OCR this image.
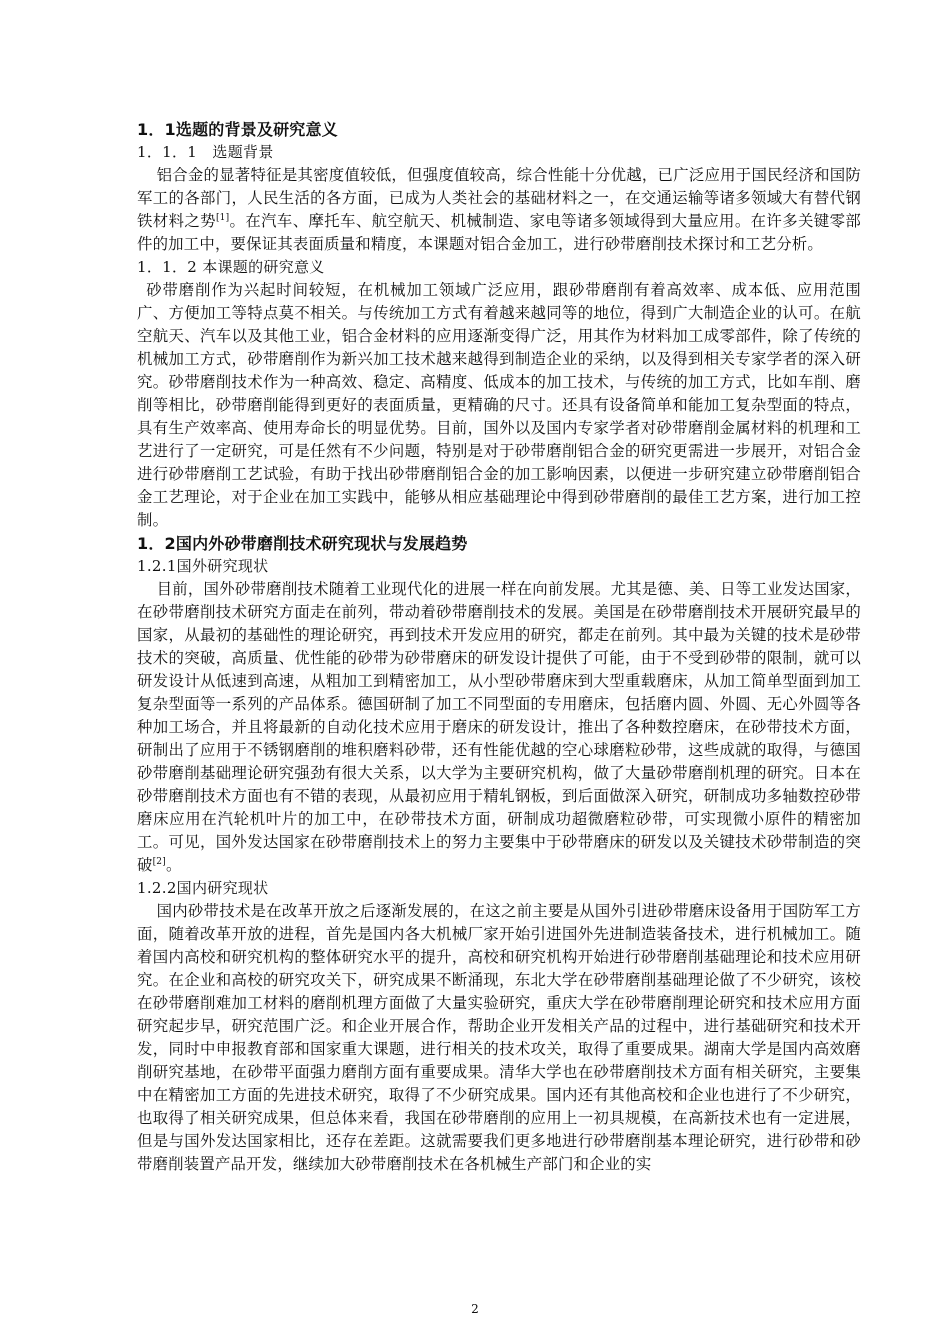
1．1选题的背景及研究意义

1．1．1　选题背景

铝合金的显著特征是其密度值较低，但强度值较高，综合性能十分优越，已广泛应用于国民经济和国防军工的各部门，人民生活的各方面，已成为人类社会的基础材料之一，在交通运输等诸多领域大有替代钢铁材料之势[1]。在汽车、摩托车、航空航天、机械制造、家电等诸多领域得到大量应用。在许多关键零部件的加工中，要保证其表面质量和精度，本课题对铝合金加工，进行砂带磨削技术探讨和工艺分析。

1．1．2 本课题的研究意义

砂带磨削作为兴起时间较短，在机械加工领域广泛应用，跟砂带磨削有着高效率、成本低、应用范围广、方便加工等特点莫不相关。与传统加工方式有着越来越同等的地位，得到广大制造企业的认可。在航空航天、汽车以及其他工业，铝合金材料的应用逐渐变得广泛，用其作为材料加工成零部件，除了传统的机械加工方式，砂带磨削作为新兴加工技术越来越得到制造企业的采纳，以及得到相关专家学者的深入研究。砂带磨削技术作为一种高效、稳定、高精度、低成本的加工技术，与传统的加工方式，比如车削、磨削等相比，砂带磨削能得到更好的表面质量，更精确的尺寸。还具有设备简单和能加工复杂型面的特点，具有生产效率高、使用寿命长的明显优势。目前，国外以及国内专家学者对砂带磨削金属材料的机理和工艺进行了一定研究，可是任然有不少问题，特别是对于砂带磨削铝合金的研究更需进一步展开，对铝合金进行砂带磨削工艺试验，有助于找出砂带磨削铝合金的加工影响因素，以便进一步研究建立砂带磨削铝合金工艺理论，对于企业在加工实践中，能够从相应基础理论中得到砂带磨削的最佳工艺方案，进行加工控制。

1．2国内外砂带磨削技术研究现状与发展趋势

1.2.1国外研究现状

目前，国外砂带磨削技术随着工业现代化的进展一样在向前发展。尤其是德、美、日等工业发达国家，在砂带磨削技术研究方面走在前列，带动着砂带磨削技术的发展。美国是在砂带磨削技术开展研究最早的国家，从最初的基础性的理论研究，再到技术开发应用的研究，都走在前列。其中最为关键的技术是砂带技术的突破，高质量、优性能的砂带为砂带磨床的研发设计提供了可能，由于不受到砂带的限制，就可以研发设计从低速到高速，从粗加工到精密加工，从小型砂带磨床到大型重载磨床，从加工简单型面到加工复杂型面等一系列的产品体系。德国研制了加工不同型面的专用磨床，包括磨内圆、外圆、无心外圆等各种加工场合，并且将最新的自动化技术应用于磨床的研发设计，推出了各种数控磨床，在砂带技术方面，研制出了应用于不锈钢磨削的堆积磨料砂带，还有性能优越的空心球磨粒砂带，这些成就的取得，与德国砂带磨削基础理论研究强劲有很大关系，以大学为主要研究机构，做了大量砂带磨削机理的研究。日本在砂带磨削技术方面也有不错的表现，从最初应用于精轧钢板，到后面做深入研究，研制成功多轴数控砂带磨床应用在汽轮机叶片的加工中，在砂带技术方面，研制成功超微磨粒砂带，可实现微小原件的精密加工。可见，国外发达国家在砂带磨削技术上的努力主要集中于砂带磨床的研发以及关键技术砂带制造的突破[2]。

1.2.2国内研究现状

国内砂带技术是在改革开放之后逐渐发展的，在这之前主要是从国外引进砂带磨床设备用于国防军工方面，随着改革开放的进程，首先是国内各大机械厂家开始引进国外先进制造装备技术，进行机械加工。随着国内高校和研究机构的整体研究水平的提升，高校和研究机构开始进行砂带磨削基础理论和技术应用研究。在企业和高校的研究攻关下，研究成果不断涌现，东北大学在砂带磨削基础理论做了不少研究，该校在砂带磨削难加工材料的磨削机理方面做了大量实验研究，重庆大学在砂带磨削理论研究和技术应用方面研究起步早，研究范围广泛。和企业开展合作，帮助企业开发相关产品的过程中，进行基础研究和技术开发，同时中申报教育部和国家重大课题，进行相关的技术攻关，取得了重要成果。湖南大学是国内高效磨削研究基地，在砂带平面强力磨削方面有重要成果。清华大学也在砂带磨削技术方面有相关研究，主要集中在精密加工方面的先进技术研究，取得了不少研究成果。国内还有其他高校和企业也进行了不少研究，也取得了相关研究成果，但总体来看，我国在砂带磨削的应用上一初具规模，在高新技术也有一定进展，但是与国外发达国家相比，还存在差距。这就需要我们更多地进行砂带磨削基本理论研究，进行砂带和砂带磨削装置产品开发，继续加大砂带磨削技术在各机械生产部门和企业的实

2
